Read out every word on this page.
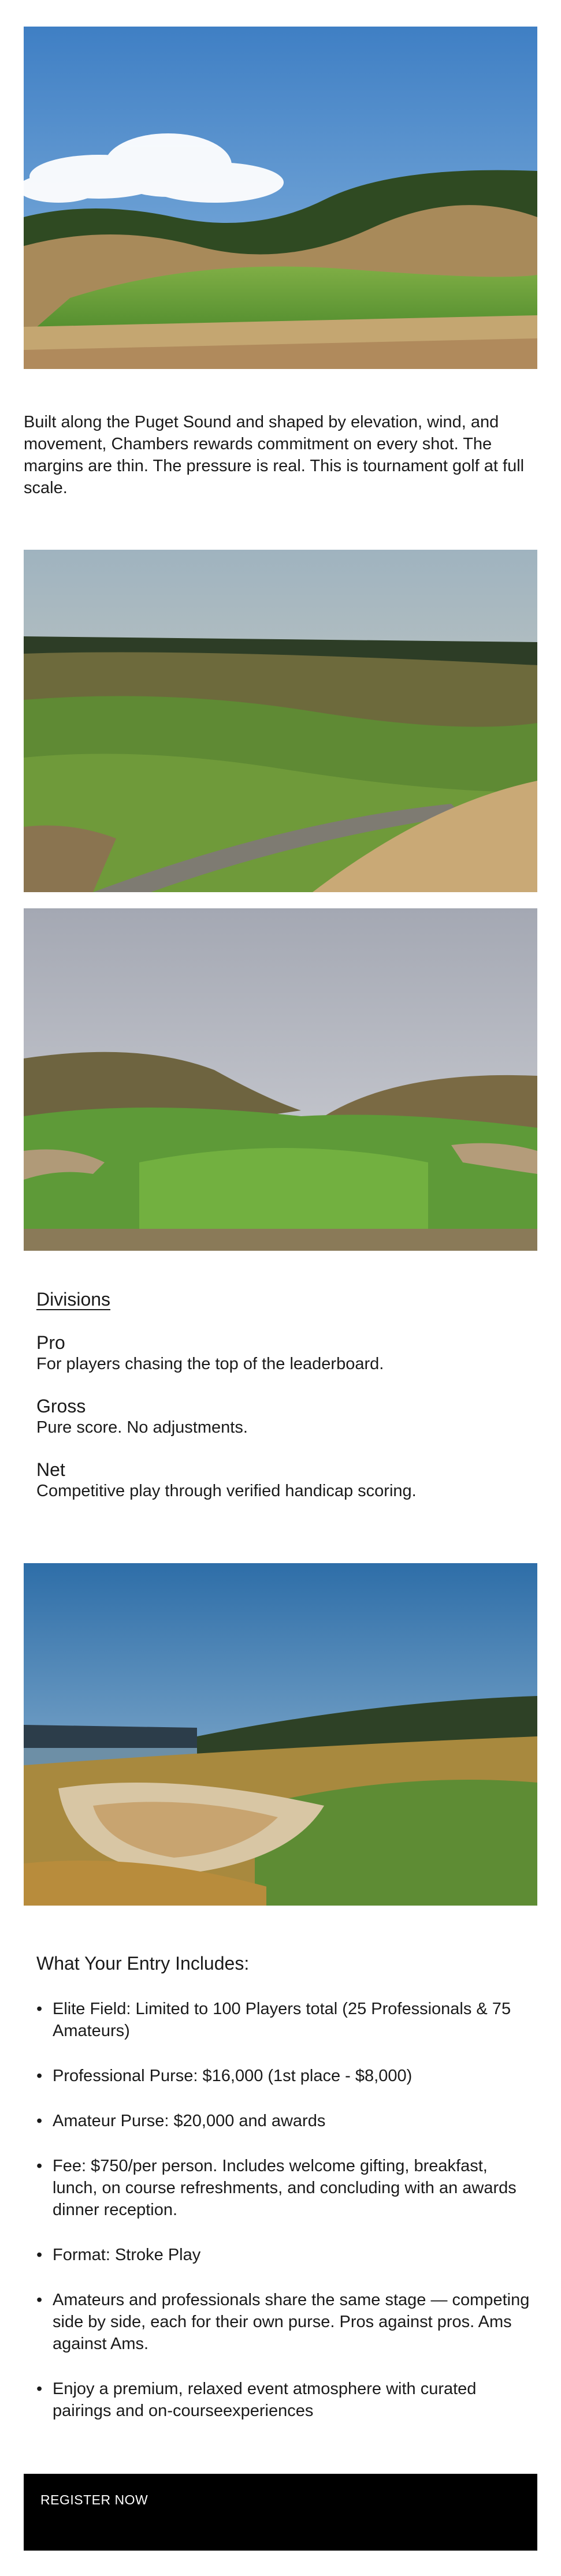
Built along the Puget Sound and shaped by elevation, wind, and movement, Chambers rewards commitment on every shot. The margins are thin. The pressure is real. This is tournament golf at full scale.

Divisions
Pro
For players chasing the top of the leaderboard.
Gross
Pure score. No adjustments.
Net
Competitive play through verified handicap scoring.
What Your Entry Includes:
• Elite Field: Limited to 100 Players total (25 Professionals & 75 Amateurs)
• Professional Purse: $16,000 (1st place - $8,000)
• Amateur Purse: $20,000 and awards
• Fee: $750/per person. Includes welcome gifting, breakfast, lunch, on course refreshments, and concluding with an awards dinner reception.
• Format: Stroke Play
• Amateurs and professionals share the same stage — competing side by side, each for their own purse. Pros against pros. Ams against Ams.
• Enjoy a premium, relaxed event atmosphere with curated pairings and on-courseexperiences
REGISTER NOW
